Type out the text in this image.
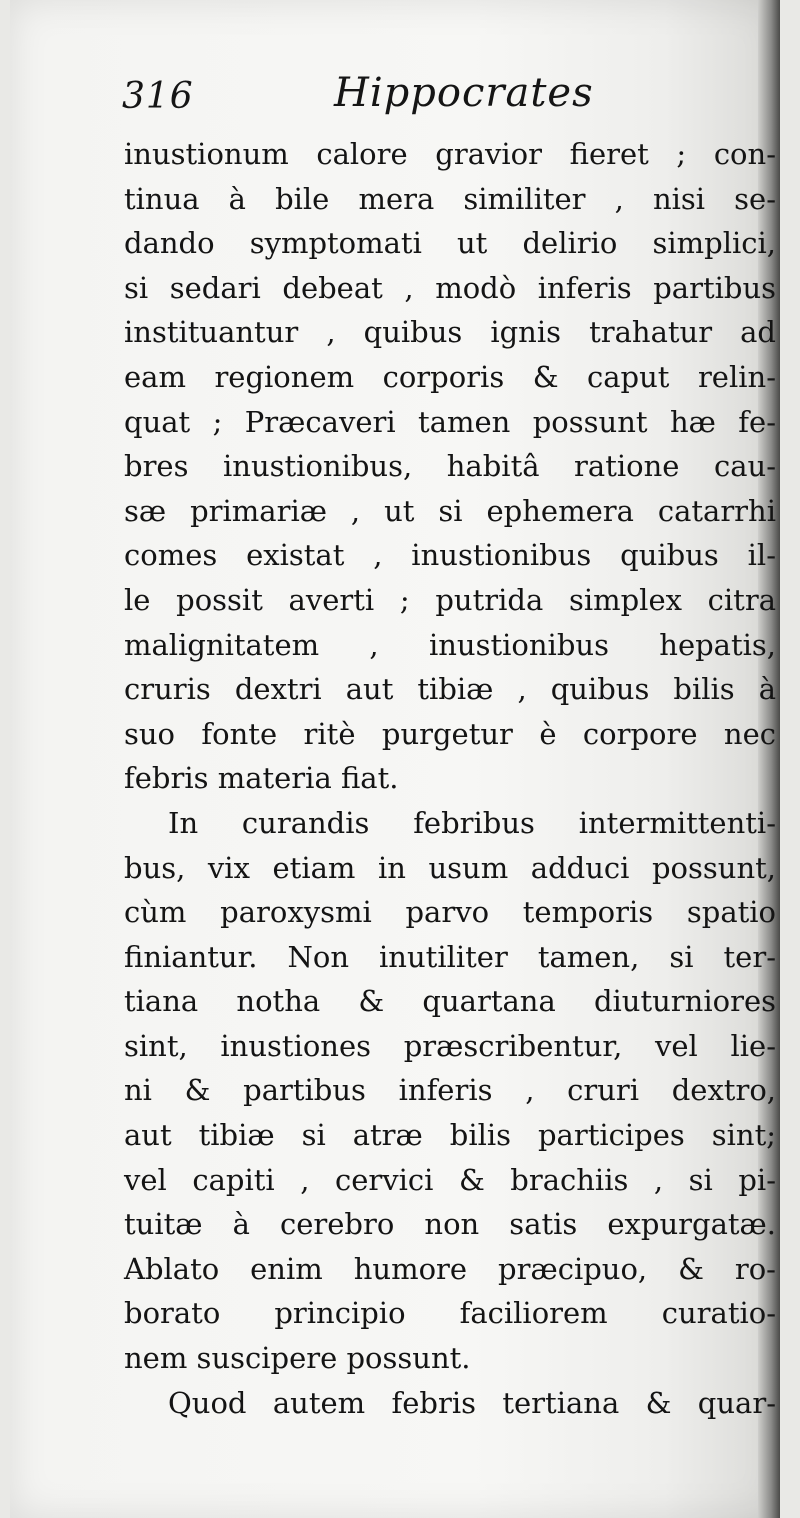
316	Hippocrates
inustionum calore gravior fieret ; con-
tinua à bile mera similiter , nisi se-
dando symptomati ut delirio simplici,
si sedari debeat , modò inferis partibus
instituantur , quibus ignis trahatur ad
eam regionem corporis & caput relin-
quat ; Præcaveri tamen possunt hæ fe-
bres inustionibus, habitâ ratione cau-
sæ primariæ , ut si ephemera catarrhi
comes existat , inustionibus quibus il-
le possit averti ; putrida simplex citra
malignitatem , inustionibus hepatis,
cruris dextri aut tibiæ , quibus bilis à
suo fonte ritè purgetur è corpore nec
febris materia fiat.
In curandis febribus intermittenti-
bus, vix etiam in usum adduci possunt,
cùm paroxysmi parvo temporis spatio
finiantur. Non inutiliter tamen, si ter-
tiana notha & quartana diuturniores
sint, inustiones præscribentur, vel lie-
ni & partibus inferis , cruri dextro,
aut tibiæ si atræ bilis participes sint;
vel capiti , cervici & brachiis , si pi-
tuitæ à cerebro non satis expurgatæ.
Ablato enim humore præcipuo, & ro-
borato principio faciliorem curatio-
nem suscipere possunt.
Quod autem febris tertiana & quar-
